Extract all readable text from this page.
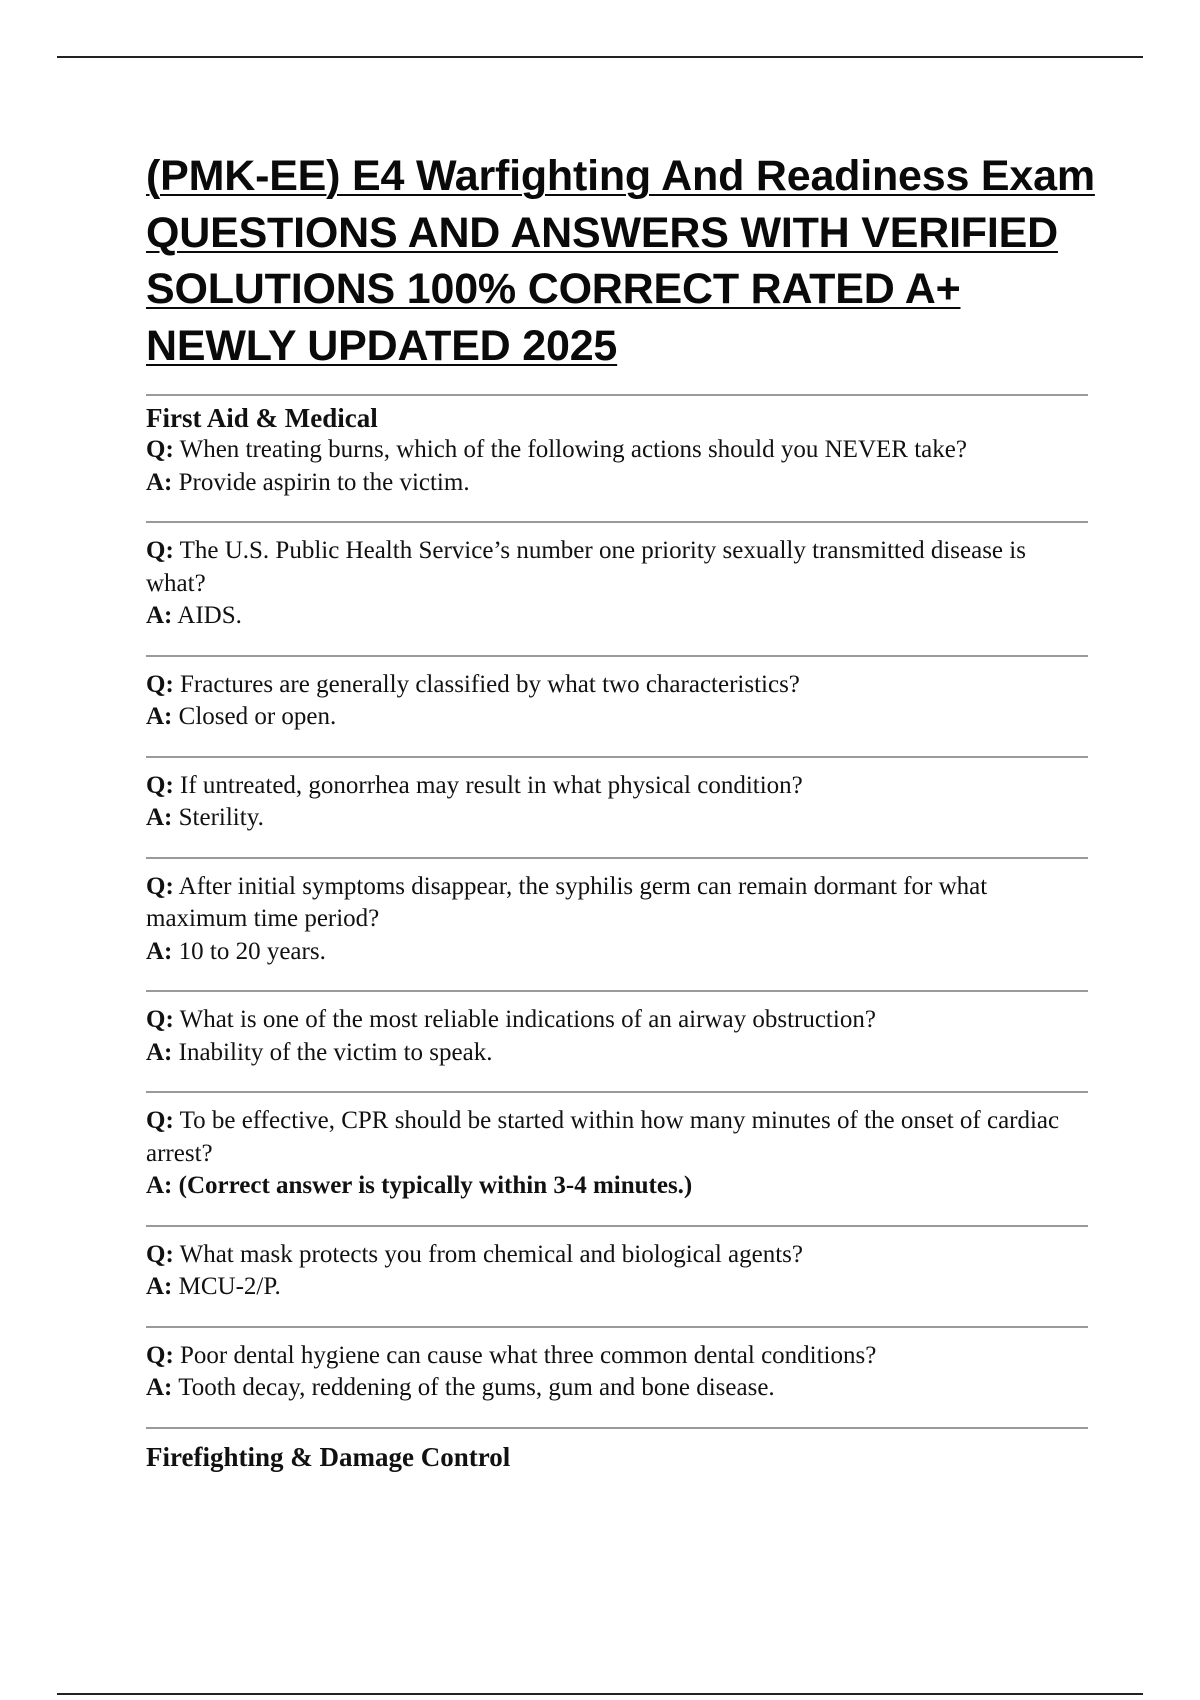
(PMK-EE) E4 Warfighting And Readiness Exam QUESTIONS AND ANSWERS WITH VERIFIED SOLUTIONS 100% CORRECT RATED A+ NEWLY UPDATED 2025

First Aid & Medical

Q: When treating burns, which of the following actions should you NEVER take?

A: Provide aspirin to the victim.

Q: The U.S. Public Health Service’s number one priority sexually transmitted disease is what?

A: AIDS.

Q: Fractures are generally classified by what two characteristics?

A: Closed or open.

Q: If untreated, gonorrhea may result in what physical condition?

A: Sterility.

Q: After initial symptoms disappear, the syphilis germ can remain dormant for what maximum time period?

A: 10 to 20 years.

Q: What is one of the most reliable indications of an airway obstruction?

A: Inability of the victim to speak.

Q: To be effective, CPR should be started within how many minutes of the onset of cardiac arrest?

A: (Correct answer is typically within 3-4 minutes.)

Q: What mask protects you from chemical and biological agents?

A: MCU-2/P.

Q: Poor dental hygiene can cause what three common dental conditions?

A: Tooth decay, reddening of the gums, gum and bone disease.

Firefighting & Damage Control
